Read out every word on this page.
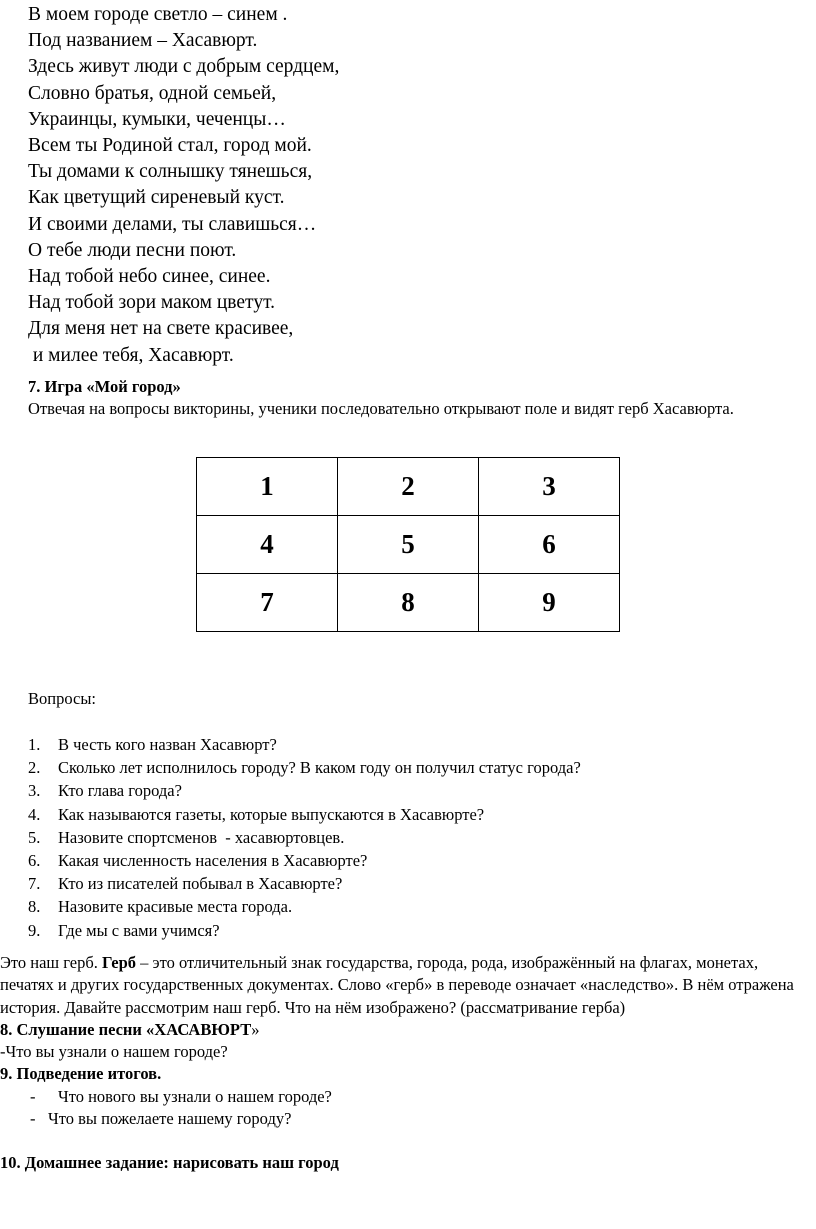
В моем городе светло – синем .
Под названием – Хасавюрт.
Здесь живут люди с добрым сердцем,
Словно братья, одной семьей,
Украинцы, кумыки, чеченцы…
Всем ты Родиной стал, город мой.
Ты домами к солнышку тянешься,
Как цветущий сиреневый куст.
И своими делами, ты славишься…
О тебе люди песни поют.
Над тобой небо синее, синее.
Над тобой зори маком цветут.
Для меня нет на свете красивее,
и милее тебя, Хасавюрт.
7. Игра «Мой город»
Отвечая на вопросы викторины, ученики последовательно открывают поле и видят герб Хасавюрта.
1	2	3
4	5	6
7	8	9
Вопросы:
1.	В честь кого назван Хасавюрт?
2.	Сколько лет исполнилось городу? В каком году он получил статус города?
3.	Кто глава города?
4.	Как называются газеты, которые выпускаются в Хасавюрте?
5.	Назовите спортсменов  - хасавюртовцев.
6.	Какая численность населения в Хасавюрте?
7.	Кто из писателей побывал в Хасавюрте?
8.	Назовите красивые места города.
9.	Где мы с вами учимся?

Это наш герб. Герб – это отличительный знак государства, города, рода, изображённый на флагах, монетах, печатях и других государственных документах. Слово «герб» в переводе означает «наследство». В нём отражена история. Давайте рассмотрим наш герб. Что на нём изображено? (рассматривание герба)

8. Слушание песни «ХАСАВЮРТ»

-Что вы узнали о нашем городе?

9. Подведение итогов.

-	Что нового вы узнали о нашем городе?
- Что вы пожелаете нашему городу?

10. Домашнее задание: нарисовать наш город
